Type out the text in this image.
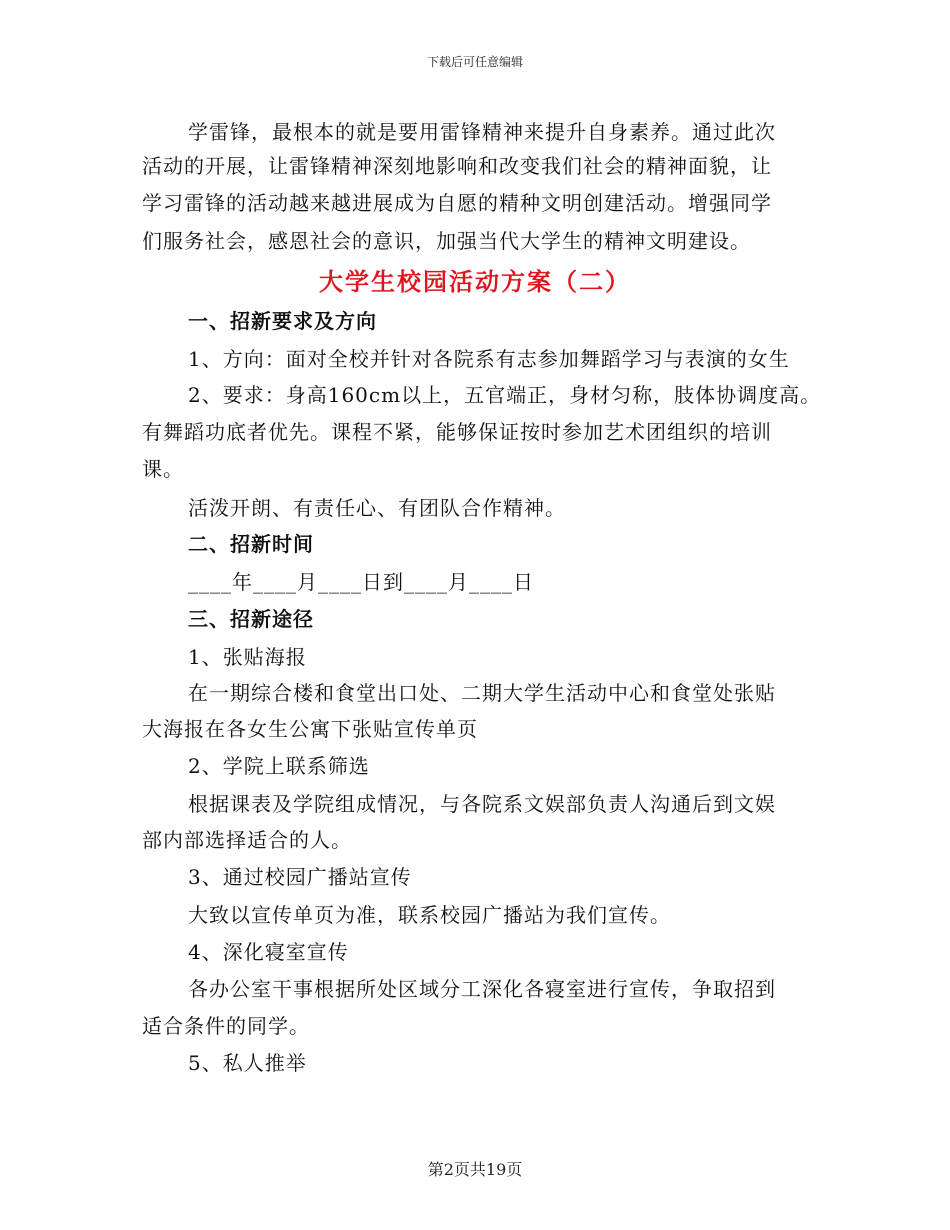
下载后可任意编辑
学雷锋，最根本的就是要用雷锋精神来提升自身素养。通过此次
活动的开展，让雷锋精神深刻地影响和改变我们社会的精神面貌，让
学习雷锋的活动越来越进展成为自愿的精种文明创建活动。增强同学
们服务社会，感恩社会的意识，加强当代大学生的精神文明建设。
大学生校园活动方案（二）
一、招新要求及方向
1、方向：面对全校并针对各院系有志参加舞蹈学习与表演的女生
2、要求：身高160cm以上，五官端正，身材匀称，肢体协调度高。
有舞蹈功底者优先。课程不紧，能够保证按时参加艺术团组织的培训
课。
活泼开朗、有责任心、有团队合作精神。
二、招新时间
____年____月____日到____月____日
三、招新途径
1、张贴海报
在一期综合楼和食堂出口处、二期大学生活动中心和食堂处张贴
大海报在各女生公寓下张贴宣传单页
2、学院上联系筛选
根据课表及学院组成情况，与各院系文娱部负责人沟通后到文娱
部内部选择适合的人。
3、通过校园广播站宣传
大致以宣传单页为准，联系校园广播站为我们宣传。
4、深化寝室宣传
各办公室干事根据所处区域分工深化各寝室进行宣传，争取招到
适合条件的同学。
5、私人推举
第2页共19页
